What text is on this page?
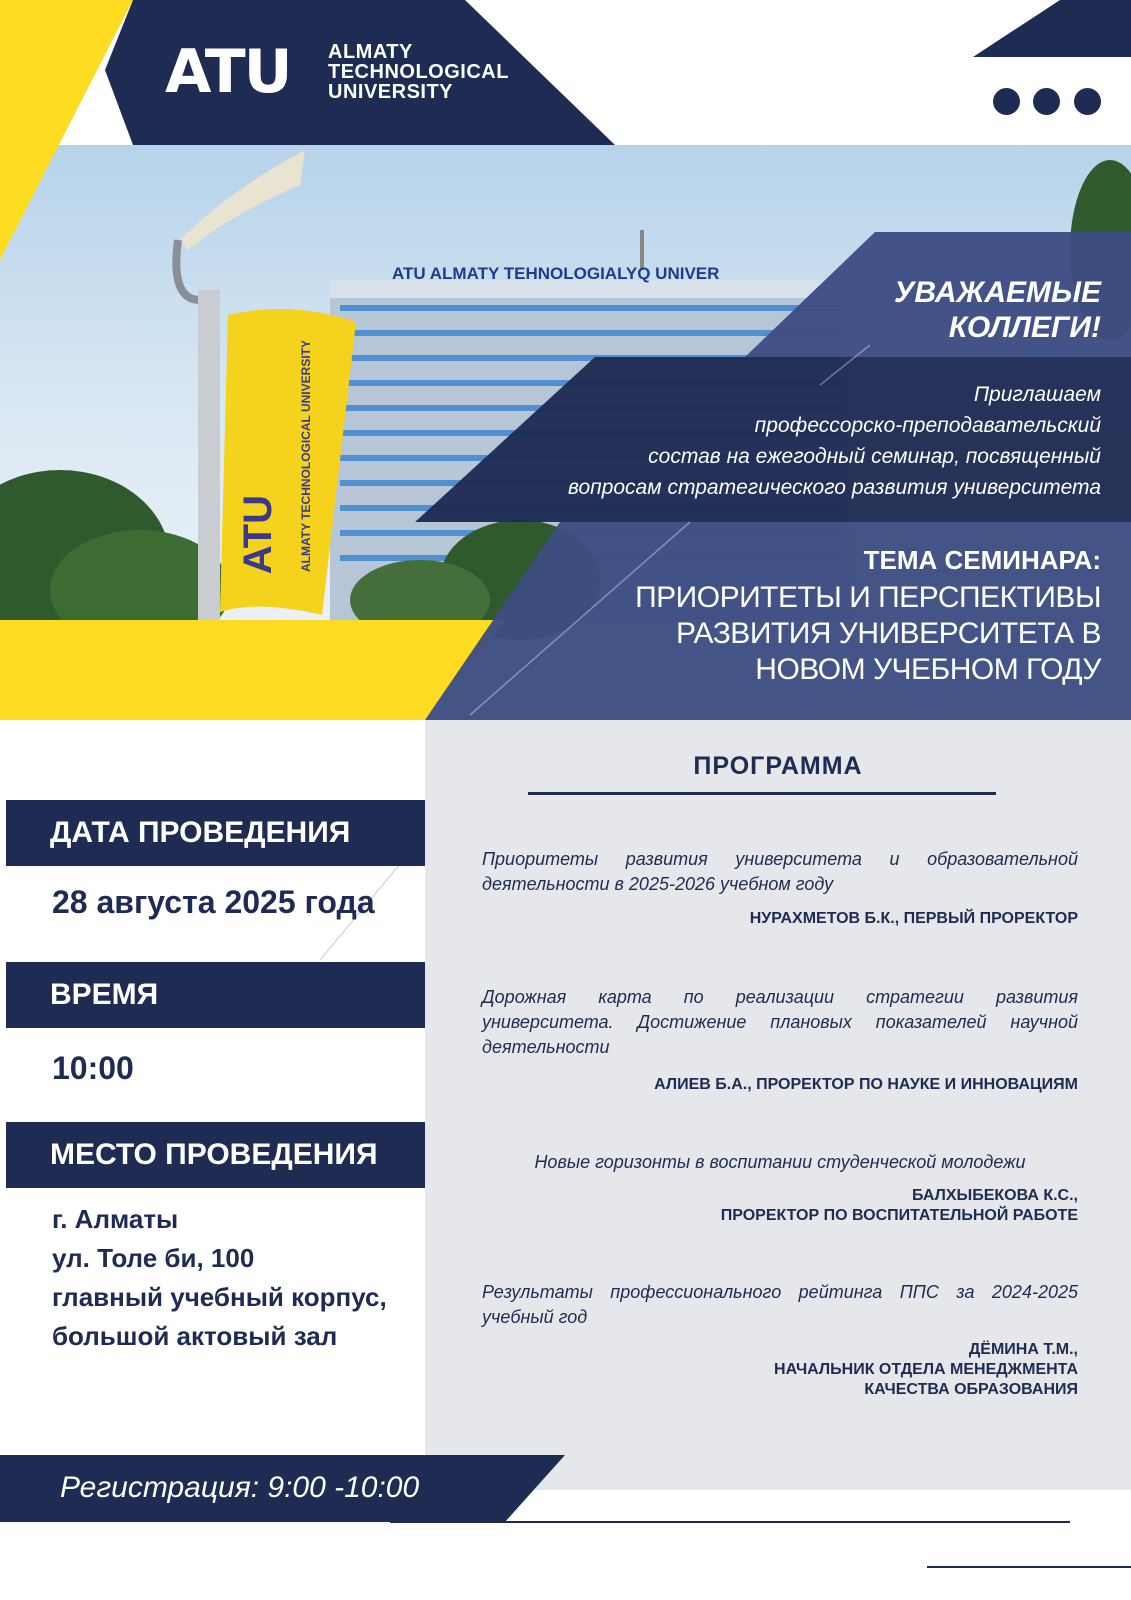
ATU ALMATY TEHNOLOGIALYQ UNIVER
ALMATY TECHNOLOGICAL UNIVERSITY
ATU
ATU ALMATY
TECHNOLOGICAL
UNIVERSITY
УВАЖАЕМЫЕ
КОЛЛЕГИ!
Приглашаем
профессорско-преподавательский
состав на ежегодный семинар, посвященный
вопросам стратегического развития университета
ТЕМА СЕМИНАРА:
ПРИОРИТЕТЫ И ПЕРСПЕКТИВЫ
РАЗВИТИЯ УНИВЕРСИТЕТА В
НОВОМ УЧЕБНОМ ГОДУ
ДАТА ПРОВЕДЕНИЯ
28 августа 2025 года
ВРЕМЯ
10:00
МЕСТО ПРОВЕДЕНИЯ
г. Алматы
ул. Толе би, 100
главный учебный корпус,
большой актовый зал
ПРОГРАММА
Приоритеты развития университета и образовательной деятельности в 2025-2026 учебном году
НУРАХМЕТОВ Б.К., ПЕРВЫЙ ПРОРЕКТОР
Дорожная карта по реализации стратегии развития университета. Достижение плановых показателей научной деятельности
АЛИЕВ Б.А., ПРОРЕКТОР ПО НАУКЕ И ИННОВАЦИЯМ
Новые горизонты в воспитании студенческой молодежи
БАЛХЫБЕКОВА К.С.,
ПРОРЕКТОР ПО ВОСПИТАТЕЛЬНОЙ РАБОТЕ
Результаты профессионального рейтинга ППС за 2024-2025 учебный год
ДЁМИНА Т.М.,
НАЧАЛЬНИК ОТДЕЛА МЕНЕДЖМЕНТА
КАЧЕСТВА ОБРАЗОВАНИЯ
Регистрация: 9:00 -10:00
